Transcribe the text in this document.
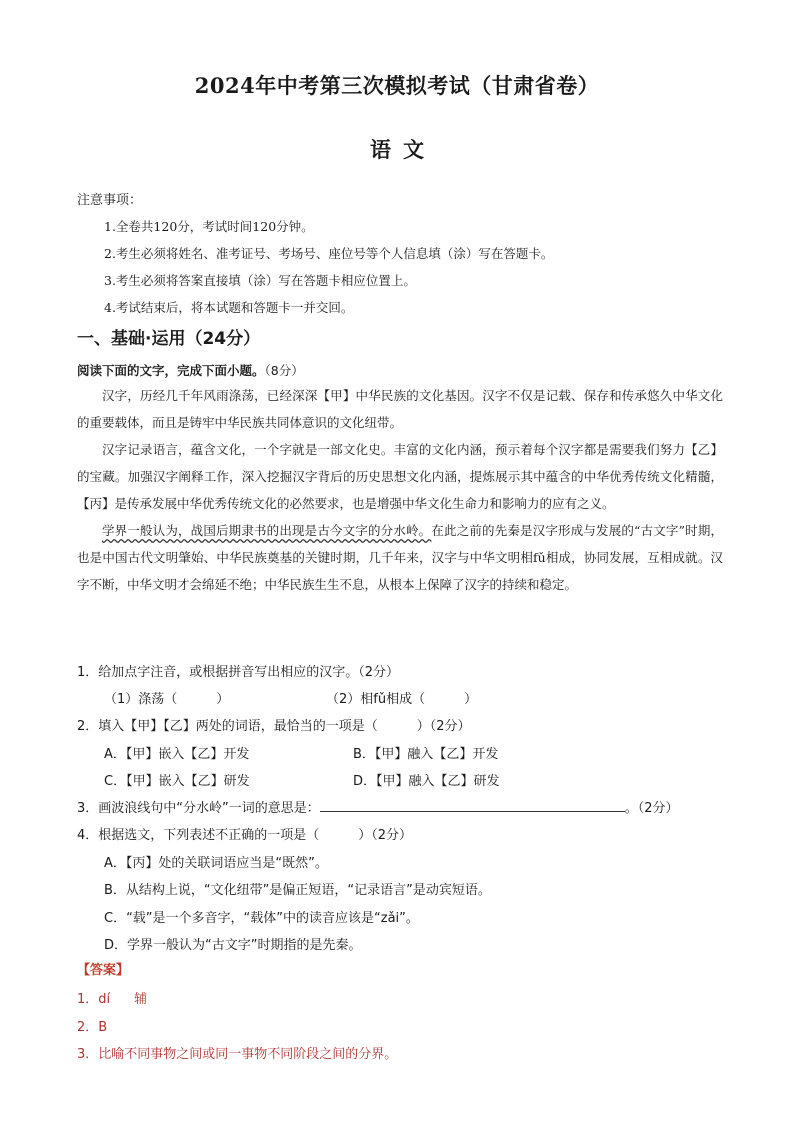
2024年中考第三次模拟考试（甘肃省卷）
语文
注意事项：
1.全卷共120分，考试时间120分钟。
2.考生必须将姓名、准考证号、考场号、座位号等个人信息填（涂）写在答题卡。
3.考生必须将答案直接填（涂）写在答题卡相应位置上。
4.考试结束后，将本试题和答题卡一并交回。
一、基础·运用（24分）
阅读下面的文字，完成下面小题。（8分）

汉字，历经几千年风雨涤荡，已经深深【甲】中华民族的文化基因。汉字不仅是记载、保存和传承悠久中华文化的重要载体，而且是铸牢中华民族共同体意识的文化纽带。

汉字记录语言，蕴含文化，一个字就是一部文化史。丰富的文化内涵，预示着每个汉字都是需要我们努力【乙】的宝藏。加强汉字阐释工作，深入挖掘汉字背后的历史思想文化内涵，提炼展示其中蕴含的中华优秀传统文化精髓，【丙】是传承发展中华优秀传统文化的必然要求，也是增强中华文化生命力和影响力的应有之义。

学界一般认为，战国后期隶书的出现是古今文字的分水岭。在此之前的先秦是汉字形成与发展的“古文字”时期，也是中国古代文明肇始、中华民族奠基的关键时期，几千年来，汉字与中华文明相fǔ相成，协同发展，互相成就。汉字不断，中华文明才会绵延不绝；中华民族生生不息，从根本上保障了汉字的持续和稳定。

1．给加点字注音，或根据拼音写出相应的汉字。（2分）
（1）涤荡（　　　）	（2）相fǔ相成（　　　）
2．填入【甲】【乙】两处的词语，最恰当的一项是（　　　）（2分）
A．【甲】嵌入【乙】开发	B．【甲】融入【乙】开发
C．【甲】嵌入【乙】研发	D．【甲】融入【乙】研发
3．画波浪线句中“分水岭”一词的意思是：	。（2分）
4．根据选文，下列表述不正确的一项是（　　　）（2分）
A．【丙】处的关联词语应当是“既然”。
B．从结构上说，“文化纽带”是偏正短语，“记录语言”是动宾短语。
C．“载”是一个多音字，“载体”中的读音应该是“zǎi”。
D．学界一般认为“古文字”时期指的是先秦。
【答案】
1．dí 辅
2．B
3．比喻不同事物之间或同一事物不同阶段之间的分界。
